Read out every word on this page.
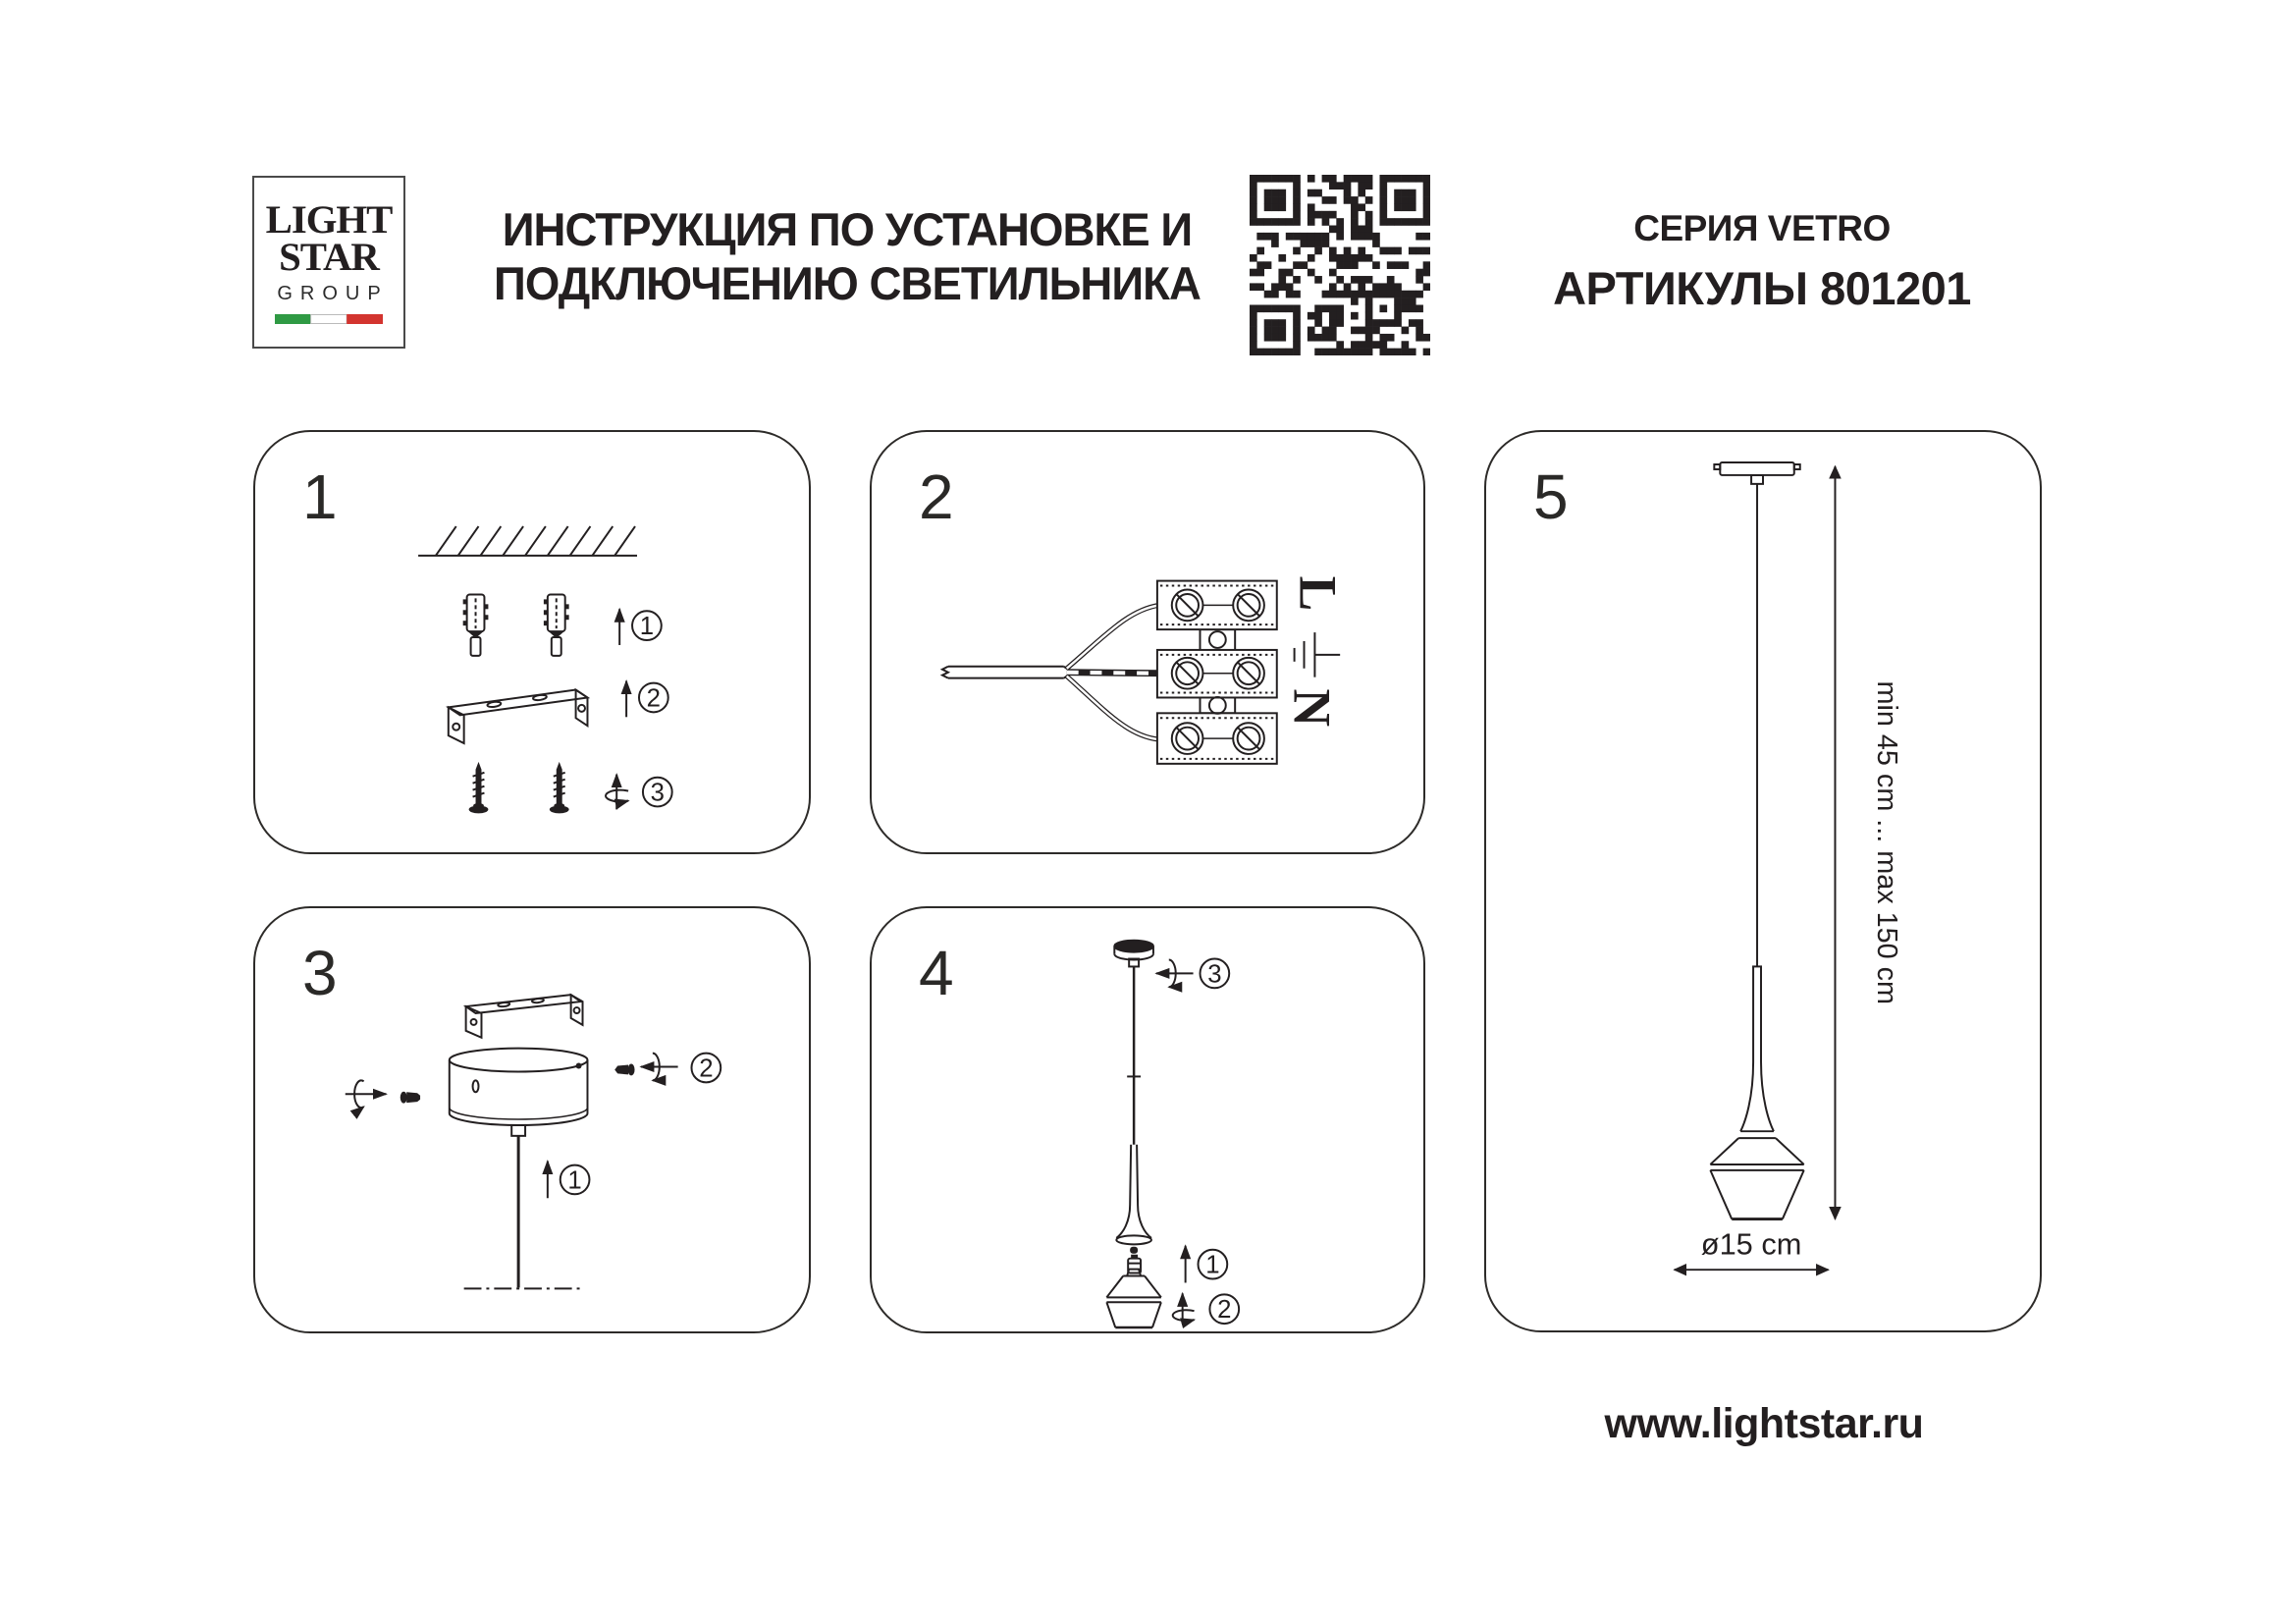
LIGHT
STAR
GROUP
ИНСТРУКЦИЯ ПО УСТАНОВКЕ И
ПОДКЛЮЧЕНИЮ СВЕТИЛЬНИКА
СЕРИЯ VETRO
АРТИКУЛЫ 801201
1
1
2
3
2
L
N
3
2
1
4	3
1
2
5
min 45 cm ... max 150 cm
ø15 cm
www.lightstar.ru
